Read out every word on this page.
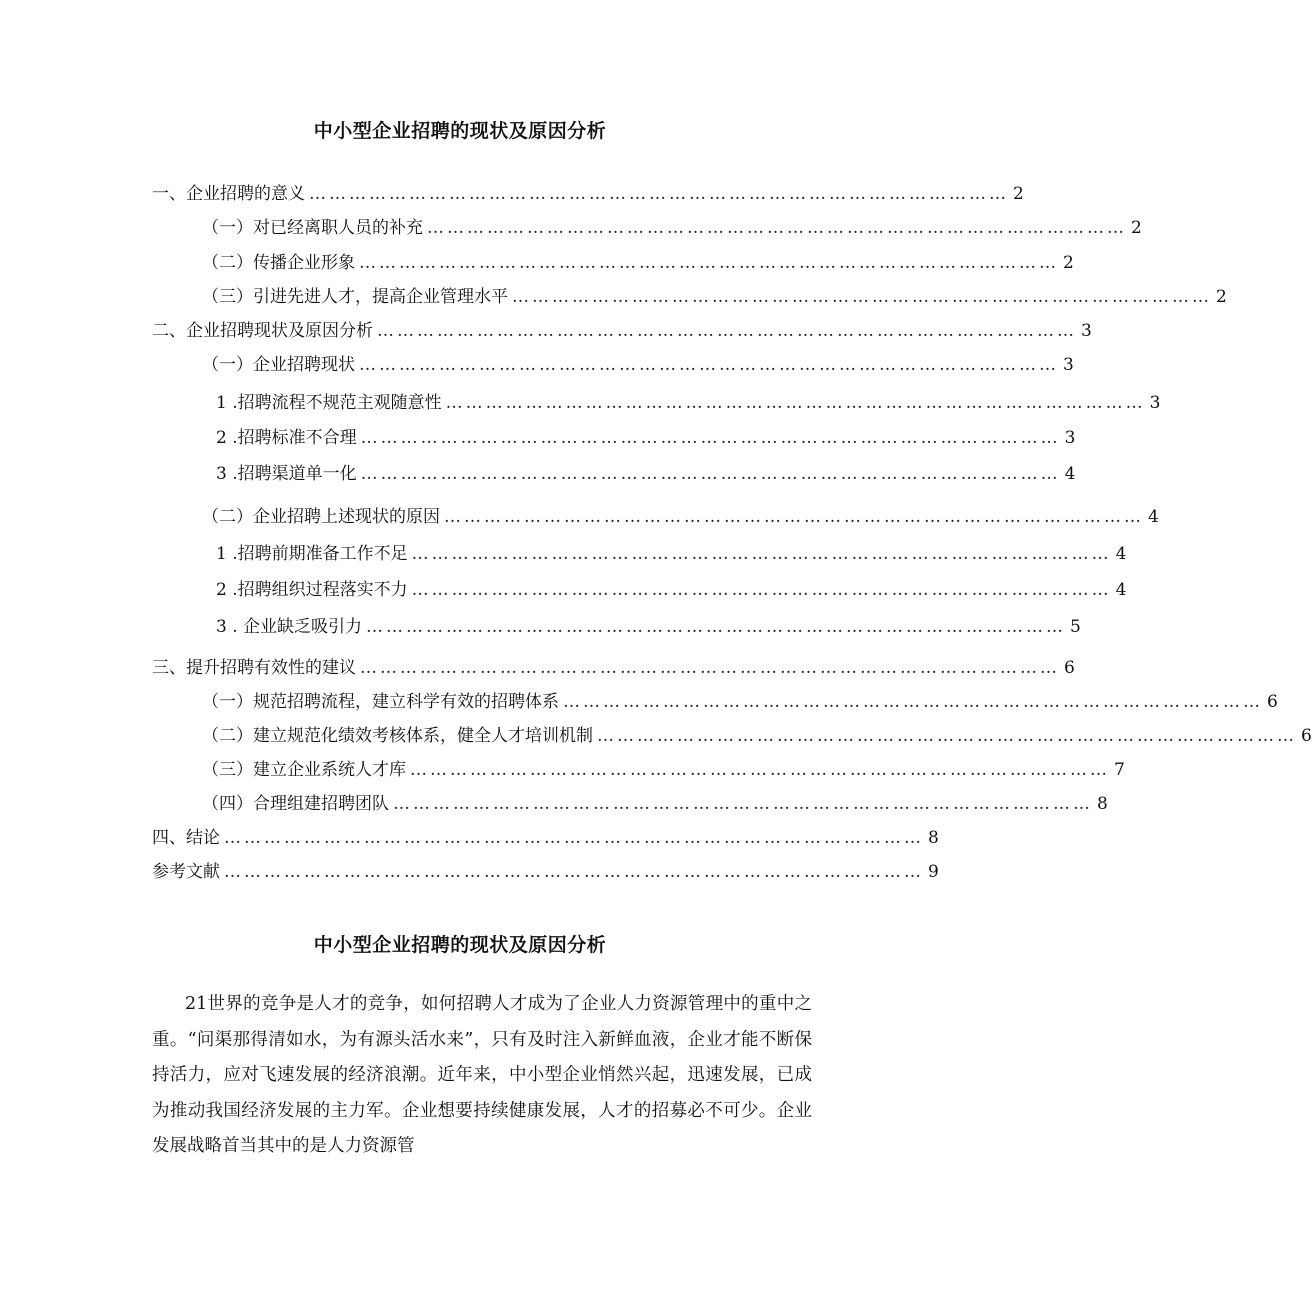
中小型企业招聘的现状及原因分析
一、企业招聘的意义 …………………………………………………………………………………………… 2
（一）对已经离职人员的补充 …………………………………………………………………………………………… 2
（二）传播企业形象 …………………………………………………………………………………………… 2
（三）引进先进人才，提高企业管理水平 …………………………………………………………………………………………… 2
二、企业招聘现状及原因分析 …………………………………………………………………………………………… 3
（一）企业招聘现状 …………………………………………………………………………………………… 3
1 .招聘流程不规范主观随意性 …………………………………………………………………………………………… 3
2 .招聘标准不合理 …………………………………………………………………………………………… 3
3 .招聘渠道单一化 …………………………………………………………………………………………… 4
（二）企业招聘上述现状的原因 …………………………………………………………………………………………… 4
1 .招聘前期准备工作不足 …………………………………………………………………………………………… 4
2 .招聘组织过程落实不力 …………………………………………………………………………………………… 4
3 . 企业缺乏吸引力 …………………………………………………………………………………………… 5
三、提升招聘有效性的建议 …………………………………………………………………………………………… 6
（一）规范招聘流程，建立科学有效的招聘体系 …………………………………………………………………………………………… 6
（二）建立规范化绩效考核体系，健全人才培训机制 …………………………………………………………………………………………… 6
（三）建立企业系统人才库 …………………………………………………………………………………………… 7
（四）合理组建招聘团队 …………………………………………………………………………………………… 8
四、结论 …………………………………………………………………………………………… 8
参考文献 …………………………………………………………………………………………… 9
中小型企业招聘的现状及原因分析

21世界的竞争是人才的竞争，如何招聘人才成为了企业人力资源管理中的重中之重。“问渠那得清如水，为有源头活水来”，只有及时注入新鲜血液，企业才能不断保持活力，应对飞速发展的经济浪潮。近年来，中小型企业悄然兴起，迅速发展，已成为推动我国经济发展的主力军。企业想要持续健康发展，人才的招募必不可少。企业发展战略首当其中的是人力资源管
